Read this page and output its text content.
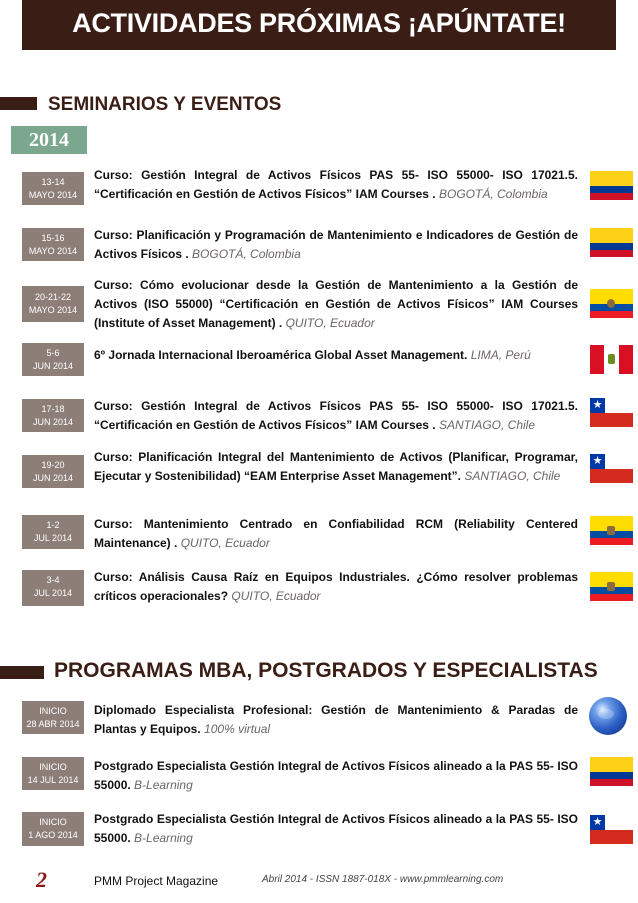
ACTIVIDADES PRÓXIMAS ¡APÚNTATE!
SEMINARIOS Y EVENTOS
2014
13-14
MAYO 2014
Curso: Gestión Integral de Activos Físicos PAS 55- ISO 55000- ISO 17021.5. “Certificación en Gestión de Activos Físicos” IAM Courses . BOGOTÁ, Colombia
15-16
MAYO 2014
Curso: Planificación y Programación de Mantenimiento e Indicadores de Gestión de Activos Físicos . BOGOTÁ, Colombia
20-21-22
MAYO 2014
Curso: Cómo evolucionar desde la Gestión de Mantenimiento a la Gestión de Activos (ISO 55000) “Certificación en Gestión de Activos Físicos” IAM Courses (Institute of Asset Management) . QUITO, Ecuador
5-6
JUN 2014
6º Jornada Internacional Iberoamérica Global Asset Management. LIMA, Perú
17-18
JUN 2014
Curso: Gestión Integral de Activos Físicos PAS 55- ISO 55000- ISO 17021.5. “Certificación en Gestión de Activos Físicos” IAM Courses . SANTIAGO, Chile
★
19-20
JUN 2014
Curso: Planificación Integral del Mantenimiento de Activos (Planificar, Programar, Ejecutar y Sostenibilidad) “EAM Enterprise Asset Management”. SANTIAGO, Chile
★
1-2
JUL 2014
Curso: Mantenimiento Centrado en Confiabilidad RCM (Reliability Centered Maintenance) . QUITO, Ecuador
3-4
JUL 2014
Curso: Análisis Causa Raíz en Equipos Industriales. ¿Cómo resolver problemas críticos operacionales? QUITO, Ecuador
PROGRAMAS MBA, POSTGRADOS Y ESPECIALISTAS
INICIO
28 ABR 2014
Diplomado Especialista Profesional: Gestión de Mantenimiento & Paradas de Plantas y Equipos. 100% virtual
INICIO
14 JUL 2014
Postgrado Especialista Gestión Integral de Activos Físicos alineado a la PAS 55- ISO 55000. B-Learning
INICIO
1 AGO 2014
Postgrado Especialista Gestión Integral de Activos Físicos alineado a la PAS 55- ISO 55000. B-Learning
★
2	PMM Project Magazine	Abril 2014 - ISSN 1887-018X - www.pmmlearning.com
